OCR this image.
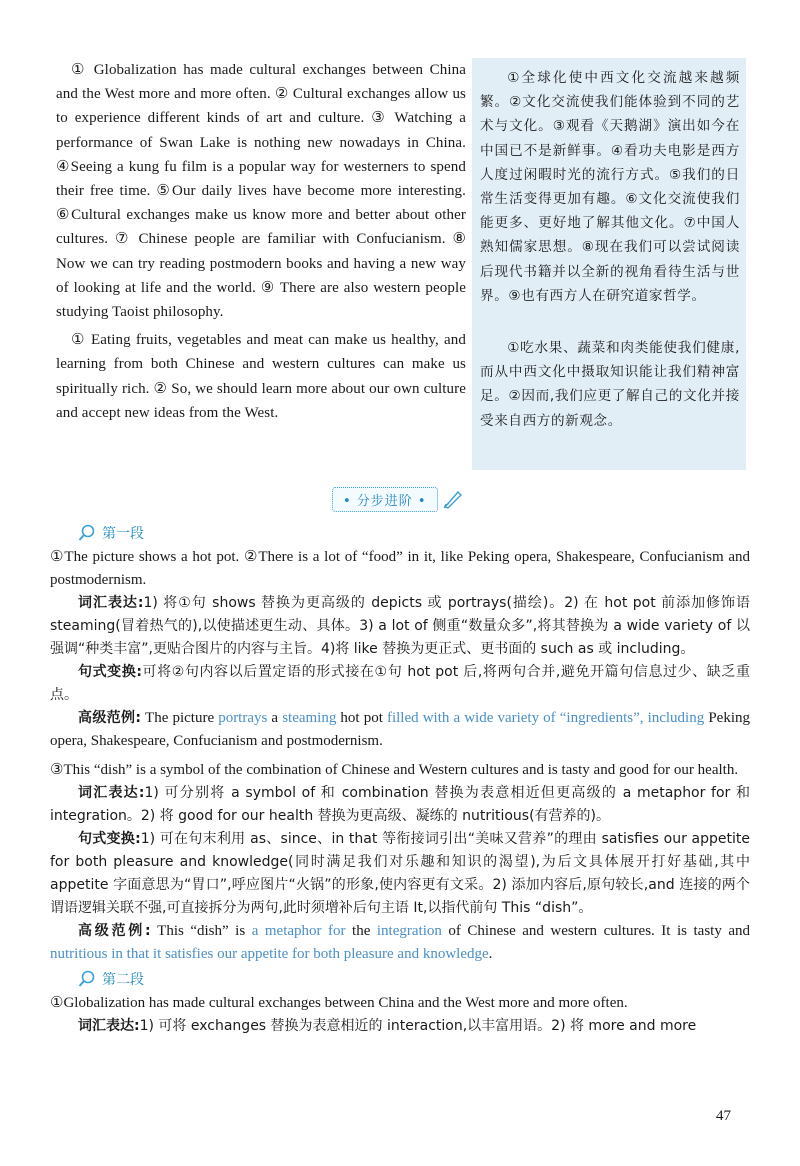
① Globalization has made cultural exchanges between China and the West more and more often. ② Cultural exchanges allow us to experience different kinds of art and culture. ③ Watching a performance of Swan Lake is nothing new nowadays in China. ④Seeing a kung fu film is a popular way for westerners to spend their free time. ⑤Our daily lives have become more interesting. ⑥Cultural exchanges make us know more and better about other cultures. ⑦ Chinese people are familiar with Confucianism. ⑧ Now we can try reading postmodern books and having a new way of looking at life and the world. ⑨ There are also western people studying Taoist philosophy.

① Eating fruits, vegetables and meat can make us healthy, and learning from both Chinese and western cultures can make us spiritually rich. ② So, we should learn more about our own culture and accept new ideas from the West.

①全球化使中西文化交流越来越频繁。②文化交流使我们能体验到不同的艺术与文化。③观看《天鹅湖》演出如今在中国已不是新鲜事。④看功夫电影是西方人度过闲暇时光的流行方式。⑤我们的日常生活变得更加有趣。⑥文化交流使我们能更多、更好地了解其他文化。⑦中国人熟知儒家思想。⑧现在我们可以尝试阅读后现代书籍并以全新的视角看待生活与世界。⑨也有西方人在研究道家哲学。

①吃水果、蔬菜和肉类能使我们健康,而从中西文化中摄取知识能让我们精神富足。②因而,我们应更了解自己的文化并接受来自西方的新观念。

• 分步进阶 •
第一段

①The picture shows a hot pot. ②There is a lot of “food” in it, like Peking opera, Shakespeare, Confucianism and postmodernism.

词汇表达:1) 将①句 shows 替换为更高级的 depicts 或 portrays(描绘)。2) 在 hot pot 前添加修饰语 steaming(冒着热气的),以使描述更生动、具体。3) a lot of 侧重“数量众多”,将其替换为 a wide variety of 以强调“种类丰富”,更贴合图片的内容与主旨。4)将 like 替换为更正式、更书面的 such as 或 including。

句式变换:可将②句内容以后置定语的形式接在①句 hot pot 后,将两句合并,避免开篇句信息过少、缺乏重点。

高级范例: The picture portrays a steaming hot pot filled with a wide variety of “ingredients”, including Peking opera, Shakespeare, Confucianism and postmodernism.

③This “dish” is a symbol of the combination of Chinese and Western cultures and is tasty and good for our health.

词汇表达:1) 可分别将 a symbol of 和 combination 替换为表意相近但更高级的 a metaphor for 和 integration。2) 将 good for our health 替换为更高级、凝练的 nutritious(有营养的)。

句式变换:1) 可在句末利用 as、since、in that 等衔接词引出“美味又营养”的理由 satisfies our appetite for both pleasure and knowledge(同时满足我们对乐趣和知识的渴望),为后文具体展开打好基础,其中 appetite 字面意思为“胃口”,呼应图片“火锅”的形象,使内容更有文采。2) 添加内容后,原句较长,and 连接的两个谓语逻辑关联不强,可直接拆分为两句,此时须增补后句主语 It,以指代前句 This “dish”。

高级范例: This “dish” is a metaphor for the integration of Chinese and western cultures. It is tasty and nutritious in that it satisfies our appetite for both pleasure and knowledge.

第二段

①Globalization has made cultural exchanges between China and the West more and more often.

词汇表达:1) 可将 exchanges 替换为表意相近的 interaction,以丰富用语。2) 将 more and more

47
